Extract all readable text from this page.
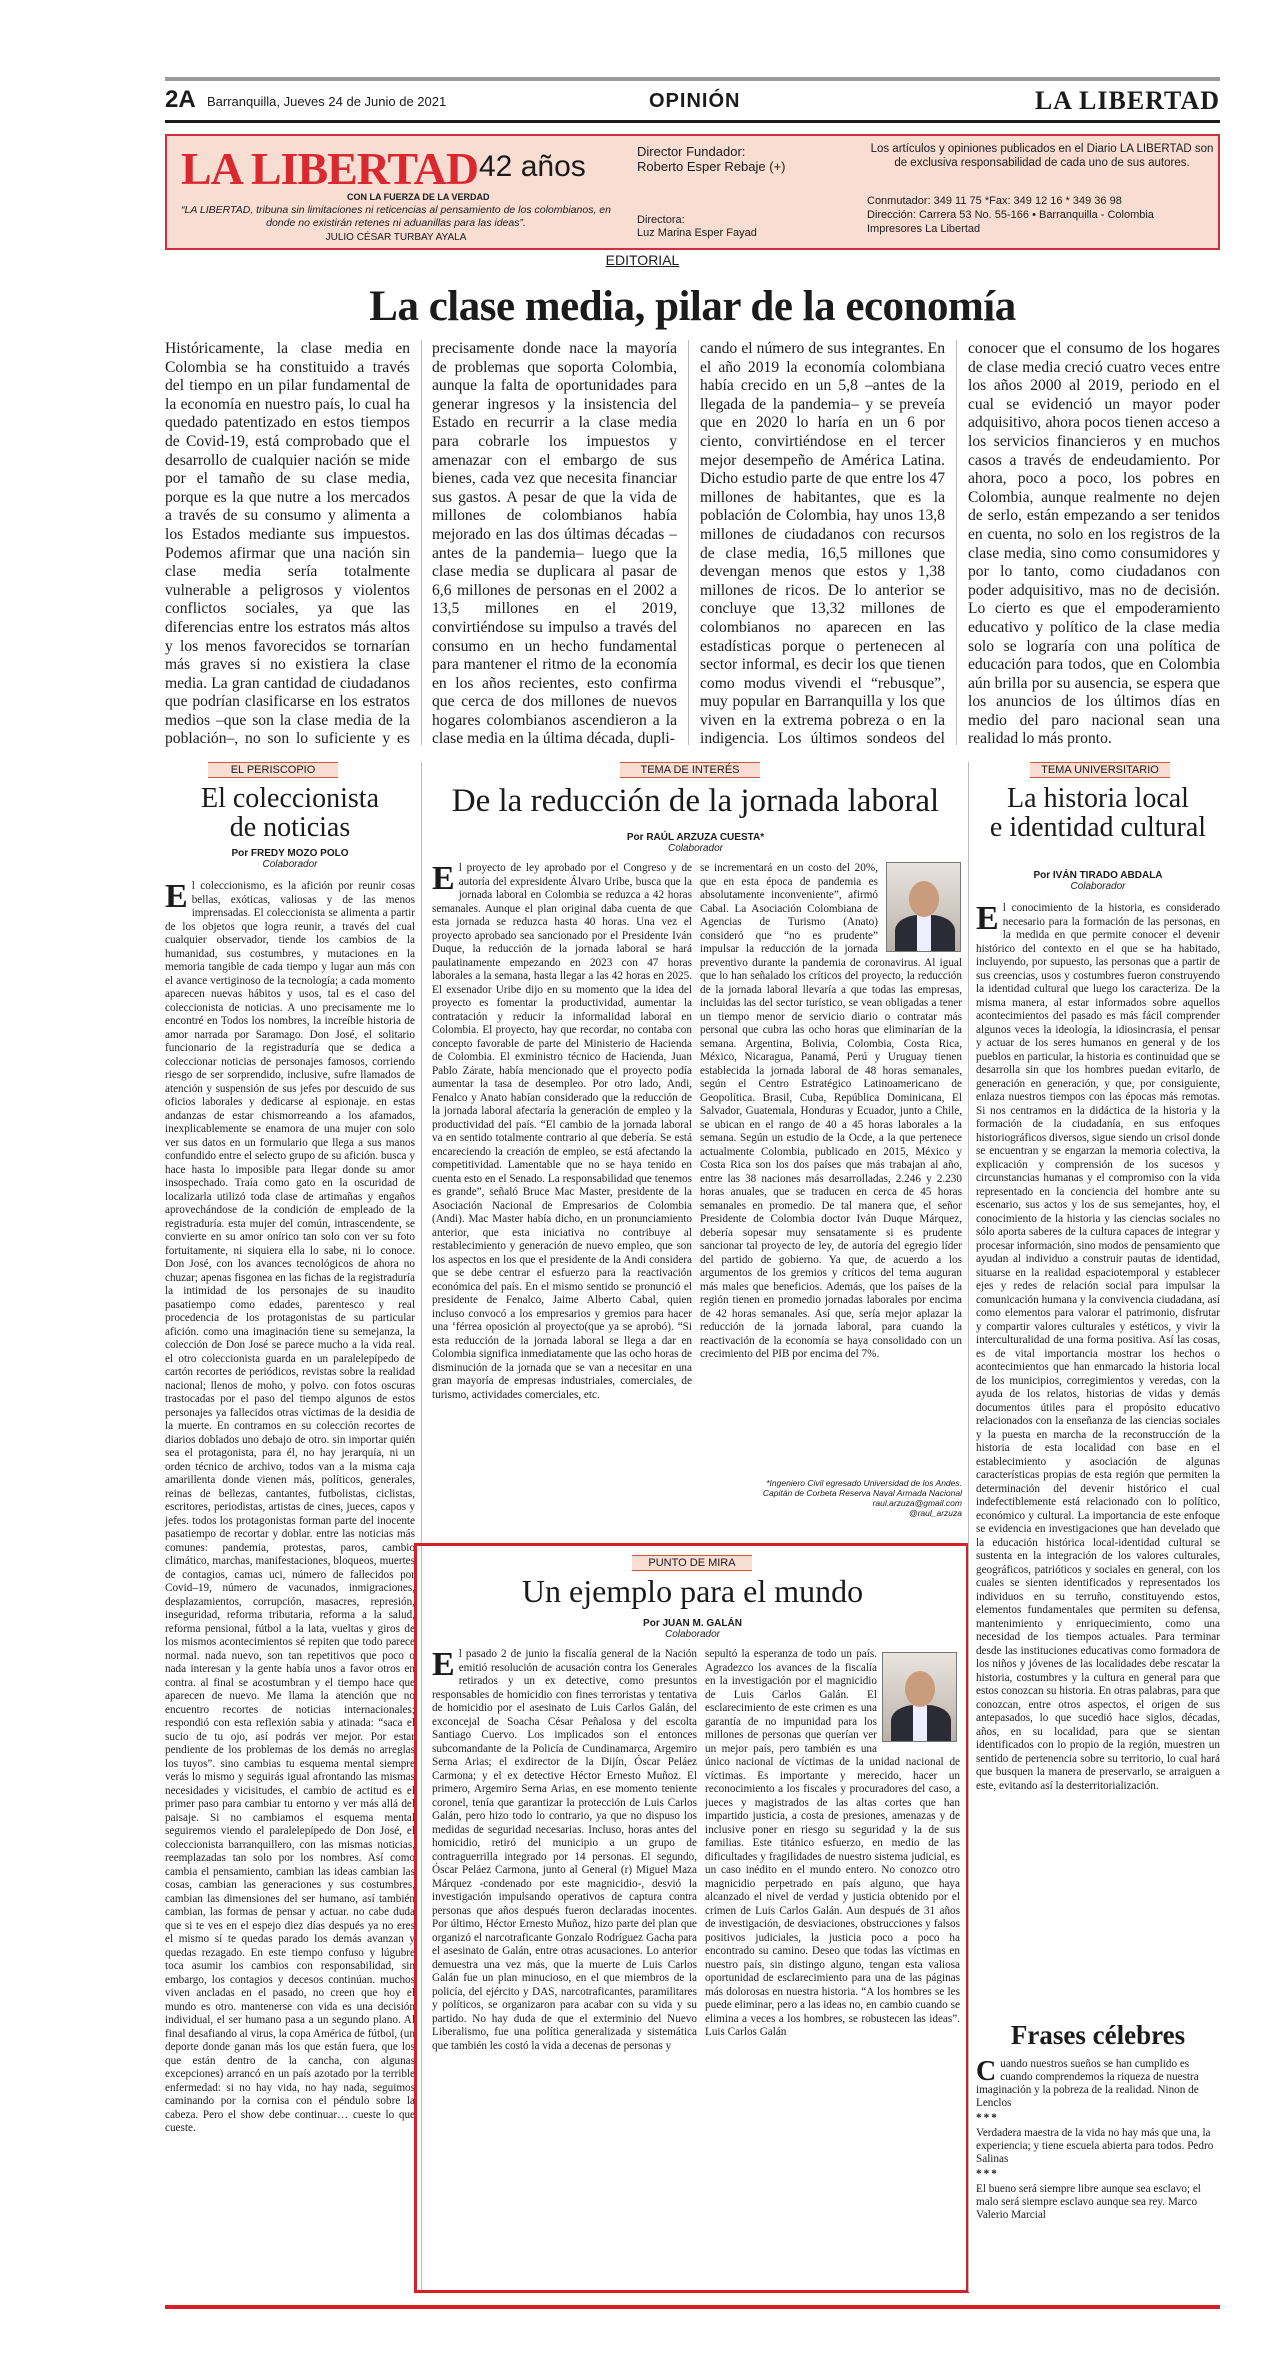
2A Barranquilla, Jueves 24 de Junio de 2021	OPINIÓN	LA LIBERTAD
LA LIBERTAD
CON LA FUERZA DE LA VERDAD
42 años
“LA LIBERTAD, tribuna sin limitaciones ni reticencias al pensamiento de los colombianos, en donde no existirán retenes ni aduanillas para las ideas”.
JULIO CÉSAR TURBAY AYALA
Director Fundador:
Roberto Esper Rebaje (+)
Directora:
Luz Marina Esper Fayad
Los artículos y opiniones publicados en el Diario LA LIBERTAD son de exclusiva responsabilidad de cada uno de sus autores.
Conmutador: 349 11 75 *Fax: 349 12 16 * 349 36 98
Dirección: Carrera 53 No. 55-166 • Barranquilla - Colombia
Impresores La Libertad
EDITORIAL
La clase media, pilar de la economía

Históricamente, la clase media en Colombia se ha constituido a través del tiempo en un pilar fundamental de la economía en nuestro país, lo cual ha quedado patentizado en estos tiempos de Covid-19, está comprobado que el desarrollo de cualquier nación se mide por el tamaño de su clase media, porque es la que nutre a los mercados a través de su consumo y alimenta a los Estados mediante sus impuestos. Podemos afirmar que una nación sin clase media sería totalmente vulnerable a peligrosos y violentos conflictos sociales, ya que las diferencias entre los estratos más altos y los menos favorecidos se tornarían más graves si no existiera la clase media. La gran cantidad de ciudadanos que podrían clasificarse en los estratos medios –que son la clase media de la población–, no son lo suficiente y es

precisamente donde nace la mayoría de problemas que soporta Colombia, aunque la falta de oportunidades para generar ingresos y la insistencia del Estado en recurrir a la clase media para cobrarle los impuestos y amenazar con el embargo de sus bienes, cada vez que necesita financiar sus gastos. A pesar de que la vida de millones de colombianos había mejorado en las dos últimas décadas –antes de la pandemia– luego que la clase media se duplicara al pasar de 6,6 millones de personas en el 2002 a 13,5 millones en el 2019, convirtiéndose su impulso a través del consumo en un hecho fundamental para mantener el ritmo de la economía en los años recientes, esto confirma que cerca de dos millones de nuevos hogares colombianos ascendieron a la clase media en la última década, dupli-

cando el número de sus integrantes. En el año 2019 la economía colombiana había crecido en un 5,8 –antes de la llegada de la pandemia– y se preveía que en 2020 lo haría en un 6 por ciento, convirtiéndose en el tercer mejor desempeño de América Latina. Dicho estudio parte de que entre los 47 millones de habitantes, que es la población de Colombia, hay unos 13,8 millones de ciudadanos con recursos de clase media, 16,5 millones que devengan menos que estos y 1,38 millones de ricos. De lo anterior se concluye que 13,32 millones de colombianos no aparecen en las estadísticas porque o pertenecen al sector informal, es decir los que tienen como modus vivendi el “rebusque”, muy popular en Barranquilla y los que viven en la extrema pobreza o en la indigencia. Los últimos sondeos del

conocer que el consumo de los hogares de clase media creció cuatro veces entre los años 2000 al 2019, periodo en el cual se evidenció un mayor poder adquisitivo, ahora pocos tienen acceso a los servicios financieros y en muchos casos a través de endeudamiento. Por ahora, poco a poco, los pobres en Colombia, aunque realmente no dejen de serlo, están empezando a ser tenidos en cuenta, no solo en los registros de la clase media, sino como consumidores y por lo tanto, como ciudadanos con poder adquisitivo, mas no de decisión. Lo cierto es que el empoderamiento educativo y político de la clase media solo se lograría con una política de educación para todos, que en Colombia aún brilla por su ausencia, se espera que los anuncios de los últimos días en medio del paro nacional sean una realidad lo más pronto.

EL PERISCOPIO
El coleccionista
de noticias
Por FREDY MOZO POLO
Colaborador
E l coleccionismo, es la afición por reunir cosas bellas, exóticas, valiosas y de las menos imprensadas. El coleccionista se alimenta a partir de los objetos que logra reunir, a través del cual cualquier observador, tiende los cambios de la humanidad, sus costumbres, y mutaciones en la memoria tangible de cada tiempo y lugar aun más con el avance vertiginoso de la tecnología; a cada momento aparecen nuevas hábitos y usos, tal es el caso del coleccionista de noticias. A uno precisamente me lo encontré en Todos los nombres, la increíble historia de amor narrada por Saramago. Don José, el solitario funcionario de la registraduría que se dedica a coleccionar noticias de personajes famosos, corriendo riesgo de ser sorprendido, inclusive, sufre llamados de atención y suspensión de sus jefes por descuido de sus oficios laborales y dedicarse al espionaje. en estas andanzas de estar chismorreando a los afamados, inexplicablemente se enamora de una mujer con solo ver sus datos en un formulario que llega a sus manos confundido entre el selecto grupo de su afición. busca y hace hasta lo imposible para llegar donde su amor insospechado. Traía como gato en la oscuridad de localizarla utilizó toda clase de artimañas y engaños aprovechándose de la condición de empleado de la registraduría. esta mujer del común, intrascendente, se convierte en su amor onírico tan solo con ver su foto fortuitamente, ni siquiera ella lo sabe, ni lo conoce. Don José, con los avances tecnológicos de ahora no chuzar; apenas fisgonea en las fichas de la registraduría la intimidad de los personajes de su inaudito pasatiempo como edades, parentesco y real procedencia de los protagonistas de su particular afición. como una imaginación tiene su semejanza, la colección de Don José se parece mucho a la vida real. el otro coleccionista guarda en un paralelepípedo de cartón recortes de periódicos, revistas sobre la realidad nacional; llenos de moho, y polvo. con fotos oscuras trastocadas por el paso del tiempo algunos de estos personajes ya fallecidos otras víctimas de la desidia de la muerte. En contramos en su colección recortes de diarios doblados uno debajo de otro. sin importar quién sea el protagonista, para él, no hay jerarquía, ni un orden técnico de archivo, todos van a la misma caja amarillenta donde vienen más, políticos, generales, reinas de bellezas, cantantes, futbolistas, ciclistas, escritores, periodistas, artistas de cines, jueces, capos y jefes. todos los protagonistas forman parte del inocente pasatiempo de recortar y doblar. entre las noticias más comunes: pandemia, protestas, paros, cambio climático, marchas, manifestaciones, bloqueos, muertes de contagios, camas uci, número de fallecidos por Covid–19, número de vacunados, inmigraciones, desplazamientos, corrupción, masacres, represión, inseguridad, reforma tributaria, reforma a la salud, reforma pensional, fútbol a la lata, vueltas y giros de los mismos acontecimientos sé repiten que todo parece normal. nada nuevo, son tan repetitivos que poco o nada interesan y la gente había unos a favor otros en contra. al final se acostumbran y el tiempo hace que aparecen de nuevo. Me llama la atención que no encuentro recortes de noticias internacionales; respondió con esta reflexión sabia y atinada: “saca el sucio de tu ojo, así podrás ver mejor. Por estar pendiente de los problemas de los demás no arreglas los tuyos”. sino cambias tu esquema mental siempre verás lo mismo y seguirás igual afrontando las mismas necesidades y vicisitudes, el cambio de actitud es el primer paso para cambiar tu entorno y ver más allá del paisaje. Si no cambiamos el esquema mental seguiremos viendo el paralelepípedo de Don José, el coleccionista barranquillero, con las mismas noticias, reemplazadas tan solo por los nombres. Así como cambia el pensamiento, cambian las ideas cambian las cosas, cambian las generaciones y sus costumbres, cambian las dimensiones del ser humano, así también cambian, las formas de pensar y actuar. no cabe duda que si te ves en el espejo diez días después ya no eres el mismo sí te quedas parado los demás avanzan y quedas rezagado. En este tiempo confuso y lúgubre toca asumir los cambios con responsabilidad, sin embargo, los contagios y decesos continúan. muchos viven ancladas en el pasado, no creen que hoy el mundo es otro. mantenerse con vida es una decisión individual, el ser humano pasa a un segundo plano. Al final desafiando al virus, la copa América de fútbol, (un deporte donde ganan más los que están fuera, que los que están dentro de la cancha, con algunas excepciones) arrancó en un país azotado por la terrible enfermedad: si no hay vida, no hay nada, seguimos caminando por la cornisa con el péndulo sobre la cabeza. Pero el show debe continuar… cueste lo que cueste.

TEMA DE INTERÉS
De la reducción de la jornada laboral
Por RAÚL ARZUZA CUESTA*
Colaborador
E l proyecto de ley aprobado por el Congreso y de autoría del expresidente Álvaro Uribe, busca que la jornada laboral en Colombia se reduzca a 42 horas semanales. Aunque el plan original daba cuenta de que esta jornada se reduzca hasta 40 horas. Una vez el proyecto aprobado sea sancionado por el Presidente Iván Duque, la reducción de la jornada laboral se hará paulatinamente empezando en 2023 con 47 horas laborales a la semana, hasta llegar a las 42 horas en 2025. El exsenador Uribe dijo en su momento que la idea del proyecto es fomentar la productividad, aumentar la contratación y reducir la informalidad laboral en Colombia. El proyecto, hay que recordar, no contaba con concepto favorable de parte del Ministerio de Hacienda de Colombia. El exministro técnico de Hacienda, Juan Pablo Zárate, había mencionado que el proyecto podía aumentar la tasa de desempleo. Por otro lado, Andi, Fenalco y Anato habían considerado que la reducción de la jornada laboral afectaría la generación de empleo y la productividad del país. “El cambio de la jornada laboral va en sentido totalmente contrario al que debería. Se está encareciendo la creación de empleo, se está afectando la competitividad. Lamentable que no se haya tenido en cuenta esto en el Senado. La responsabilidad que tenemos es grande”, señaló Bruce Mac Master, presidente de la Asociación Nacional de Empresarios de Colombia (Andi). Mac Master había dicho, en un pronunciamiento anterior, que esta iniciativa no contribuye al restablecimiento y generación de nuevo empleo, que son los aspectos en los que el presidente de la Andi considera que se debe centrar el esfuerzo para la reactivación económica del país. En el mismo sentido se pronunció el presidente de Fenalco, Jaime Alberto Cabal, quien incluso convocó a los empresarios y gremios para hacer una ‘férrea oposición al proyecto(que ya se aprobó). “Si esta reducción de la jornada laboral se llega a dar en Colombia significa inmediatamente que las ocho horas de disminución de la jornada que se van a necesitar en una gran mayoría de empresas industriales, comerciales, de turismo, actividades comerciales, etc.

se incrementará en un costo del 20%, que en esta época de pandemia es absolutamente inconveniente”, afirmó Cabal. La Asociación Colombiana de Agencias de Turismo (Anato) consideró que “no es prudente” impulsar la reducción de la jornada

preventivo durante la pandemia de coronavirus. Al igual que lo han señalado los críticos del proyecto, la reducción de la jornada laboral llevaría a que todas las empresas, incluidas las del sector turístico, se vean obligadas a tener un tiempo menor de servicio diario o contratar más personal que cubra las ocho horas que eliminarían de la semana. Argentina, Bolivia, Colombia, Costa Rica, México, Nicaragua, Panamá, Perú y Uruguay tienen establecida la jornada laboral de 48 horas semanales, según el Centro Estratégico Latinoamericano de Geopolítica. Brasil, Cuba, República Dominicana, El Salvador, Guatemala, Honduras y Ecuador, junto a Chile, se ubican en el rango de 40 a 45 horas laborales a la semana. Según un estudio de la Ocde, a la que pertenece actualmente Colombia, publicado en 2015, México y Costa Rica son los dos países que más trabajan al año, entre las 38 naciones más desarrolladas, 2.246 y 2.230 horas anuales, que se traducen en cerca de 45 horas semanales en promedio. De tal manera que, el señor Presidente de Colombia doctor Iván Duque Márquez, debería sopesar muy sensatamente si es prudente sancionar tal proyecto de ley, de autoría del egregio líder del partido de gobierno. Ya que, de acuerdo a los argumentos de los gremios y críticos del tema auguran más males que beneficios. Además, que los países de la región tienen en promedio jornadas laborales por encima de 42 horas semanales. Así que, sería mejor aplazar la reducción de la jornada laboral, para cuando la reactivación de la economía se haya consolidado con un crecimiento del PIB por encima del 7%.

*Ingeniero Civil egresado Universidad de los Andes.
Capitán de Corbeta Reserva Naval Armada Nacional
raul.arzuza@gmail.com
@raul_arzuza
PUNTO DE MIRA
Un ejemplo para el mundo
Por JUAN M. GALÁN
Colaborador
E l pasado 2 de junio la fiscalía general de la Nación emitió resolución de acusación contra los Generales retirados y un ex detective, como presuntos responsables de homicidio con fines terroristas y tentativa de homicidio por el asesinato de Luis Carlos Galán, del exconcejal de Soacha César Peñalosa y del escolta Santiago Cuervo. Los implicados son el entonces subcomandante de la Policía de Cundinamarca, Argemiro Serna Arias; el exdirector de la Dijín, Óscar Peláez Carmona; y el ex detective Héctor Ernesto Muñoz. El primero, Argemiro Serna Arias, en ese momento teniente coronel, tenía que garantizar la protección de Luis Carlos Galán, pero hizo todo lo contrario, ya que no dispuso los medidas de seguridad necesarias. Incluso, horas antes del homicidio, retiró del municipio a un grupo de contraguerrilla integrado por 14 personas. El segundo, Óscar Peláez Carmona, junto al General (r) Miguel Maza Márquez -condenado por este magnicidio-, desvió la investigación impulsando operativos de captura contra personas que años después fueron declaradas inocentes. Por último, Héctor Ernesto Muñoz, hizo parte del plan que organizó el narcotraficante Gonzalo Rodríguez Gacha para el asesinato de Galán, entre otras acusaciones. Lo anterior demuestra una vez más, que la muerte de Luis Carlos Galán fue un plan minucioso, en el que miembros de la policía, del ejército y DAS, narcotraficantes, paramilitares y políticos, se organizaron para acabar con su vida y su partido. No hay duda de que el exterminio del Nuevo Liberalismo, fue una política generalizada y sistemática que también les costó la vida a decenas de personas y

sepultó la esperanza de todo un país. Agradezco los avances de la fiscalía en la investigación por el magnicidio de Luis Carlos Galán. El esclarecimiento de este crimen es una garantía de no impunidad para los millones de personas que querían ver un mejor país, pero también es una

único nacional de víctimas de la unidad nacional de víctimas. Es importante y merecido, hacer un reconocimiento a los fiscales y procuradores del caso, a jueces y magistrados de las altas cortes que han impartido justicia, a costa de presiones, amenazas y de inclusive poner en riesgo su seguridad y la de sus familias. Este titánico esfuerzo, en medio de las dificultades y fragilidades de nuestro sistema judicial, es un caso inédito en el mundo entero. No conozco otro magnicidio perpetrado en país alguno, que haya alcanzado el nivel de verdad y justicia obtenido por el crimen de Luis Carlos Galán. Aun después de 31 años de investigación, de desviaciones, obstrucciones y falsos positivos judiciales, la justicia poco a poco ha encontrado su camino. Deseo que todas las víctimas en nuestro país, sin distingo alguno, tengan esta valiosa oportunidad de esclarecimiento para una de las páginas más dolorosas en nuestra historia. “A los hombres se les puede eliminar, pero a las ideas no, en cambio cuando se elimina a veces a los hombres, se robustecen las ideas”. Luis Carlos Galán

TEMA UNIVERSITARIO
La historia local
e identidad cultural
Por IVÁN TIRADO ABDALA
Colaborador
E l conocimiento de la historia, es considerado necesario para la formación de las personas, en la medida en que permite conocer el devenir histórico del contexto en el que se ha habitado, incluyendo, por supuesto, las personas que a partir de sus creencias, usos y costumbres fueron construyendo la identidad cultural que luego los caracteriza. De la misma manera, al estar informados sobre aquellos acontecimientos del pasado es más fácil comprender algunos veces la ideología, la idiosincrasia, el pensar y actuar de los seres humanos en general y de los pueblos en particular, la historia es continuidad que se desarrolla sin que los hombres puedan evitarlo, de generación en generación, y que, por consiguiente, enlaza nuestros tiempos con las épocas más remotas. Si nos centramos en la didáctica de la historia y la formación de la ciudadanía, en sus enfoques historiográficos diversos, sigue siendo un crisol donde se encuentran y se engarzan la memoria colectiva, la explicación y comprensión de los sucesos y circunstancias humanas y el compromiso con la vida representado en la conciencia del hombre ante su escenario, sus actos y los de sus semejantes, hoy, el conocimiento de la historia y las ciencias sociales no sólo aporta saberes de la cultura capaces de integrar y procesar información, sino modos de pensamiento que ayudan al individuo a construir pautas de identidad, situarse en la realidad espaciotemporal y establecer ejes y redes de relación social para impulsar la comunicación humana y la convivencia ciudadana, así como elementos para valorar el patrimonio, disfrutar y compartir valores culturales y estéticos, y vivir la interculturalidad de una forma positiva. Así las cosas, es de vital importancia mostrar los hechos o acontecimientos que han enmarcado la historia local de los municipios, corregimientos y veredas, con la ayuda de los relatos, historias de vidas y demás documentos útiles para el propósito educativo relacionados con la enseñanza de las ciencias sociales y la puesta en marcha de la reconstrucción de la historia de esta localidad con base en el establecimiento y asociación de algunas características propias de esta región que permiten la determinación del devenir histórico el cual indefectiblemente está relacionado con lo político, económico y cultural. La importancia de este enfoque se evidencia en investigaciones que han develado que la educación histórica local-identidad cultural se sustenta en la integración de los valores culturales, geográficos, patrióticos y sociales en general, con los cuales se sienten identificados y representados los individuos en su terruño, constituyendo estos, elementos fundamentales que permiten su defensa, mantenimiento y enriquecimiento, como una necesidad de los tiempos actuales. Para terminar desde las instituciones educativas como formadora de los niños y jóvenes de las localidades debe rescatar la historia, costumbres y la cultura en general para que estos conozcan su historia. En otras palabras, para que conozcan, entre otros aspectos, el origen de sus antepasados, lo que sucedió hace siglos, décadas, años, en su localidad, para que se sientan identificados con lo propio de la región, muestren un sentido de pertenencia sobre su territorio, lo cual hará que busquen la manera de preservarlo, se arraiguen a este, evitando así la desterritorialización.

Frases célebres

Cuando nuestros sueños se han cumplido es cuando comprendemos la riqueza de nuestra imaginación y la pobreza de la realidad. Ninon de Lenclos

***

Verdadera maestra de la vida no hay más que una, la experiencia; y tiene escuela abierta para todos. Pedro Salinas

***

El bueno será siempre libre aunque sea esclavo; el malo será siempre esclavo aunque sea rey. Marco Valerio Marcial
